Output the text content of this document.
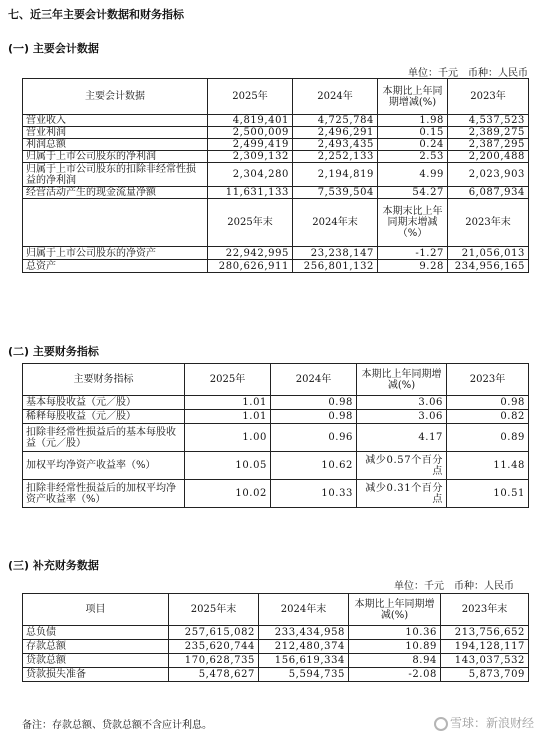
七、近三年主要会计数据和财务指标
(一) 主要会计数据
单位：千元　币种：人民币
主要会计数据	2025年	2024年	本期比上年同期增减(%)	2023年
营业收入	4,819,401	4,725,784	1.98	4,537,523
营业利润	2,500,009	2,496,291	0.15	2,389,275
利润总额	2,499,419	2,493,435	0.24	2,387,295
归属于上市公司股东的净利润	2,309,132	2,252,133	2.53	2,200,488
归属于上市公司股东的扣除非经常性损益的净利润	2,304,280	2,194,819	4.99	2,023,903
经营活动产生的现金流量净额	11,631,133	7,539,504	54.27	6,087,934
	2025年末	2024年末	本期末比上年同期末增减（%）	2023年末
归属于上市公司股东的净资产	22,942,995	23,238,147	-1.27	21,056,013
总资产	280,626,911	256,801,132	9.28	234,956,165
(二) 主要财务指标
主要财务指标	2025年	2024年	本期比上年同期增减(%)	2023年
基本每股收益（元／股）	1.01	0.98	3.06	0.98
稀释每股收益（元／股）	1.01	0.98	3.06	0.82
扣除非经常性损益后的基本每股收益（元／股）	1.00	0.96	4.17	0.89
加权平均净资产收益率（%）	10.05	10.62	减少0.57个百分点	11.48
扣除非经常性损益后的加权平均净资产收益率（%）	10.02	10.33	减少0.31个百分点	10.51
(三) 补充财务数据
单位：千元　币种：人民币
项目	2025年末	2024年末	本期比上年同期增减(%)	2023年末
总负债	257,615,082	233,434,958	10.36	213,756,652
存款总额	235,620,744	212,480,374	10.89	194,128,117
贷款总额	170,628,735	156,619,334	8.94	143,037,532
贷款损失准备	5,478,627	5,594,735	-2.08	5,873,709
备注：存款总额、贷款总额不含应计利息。	雪球：新浪财经
